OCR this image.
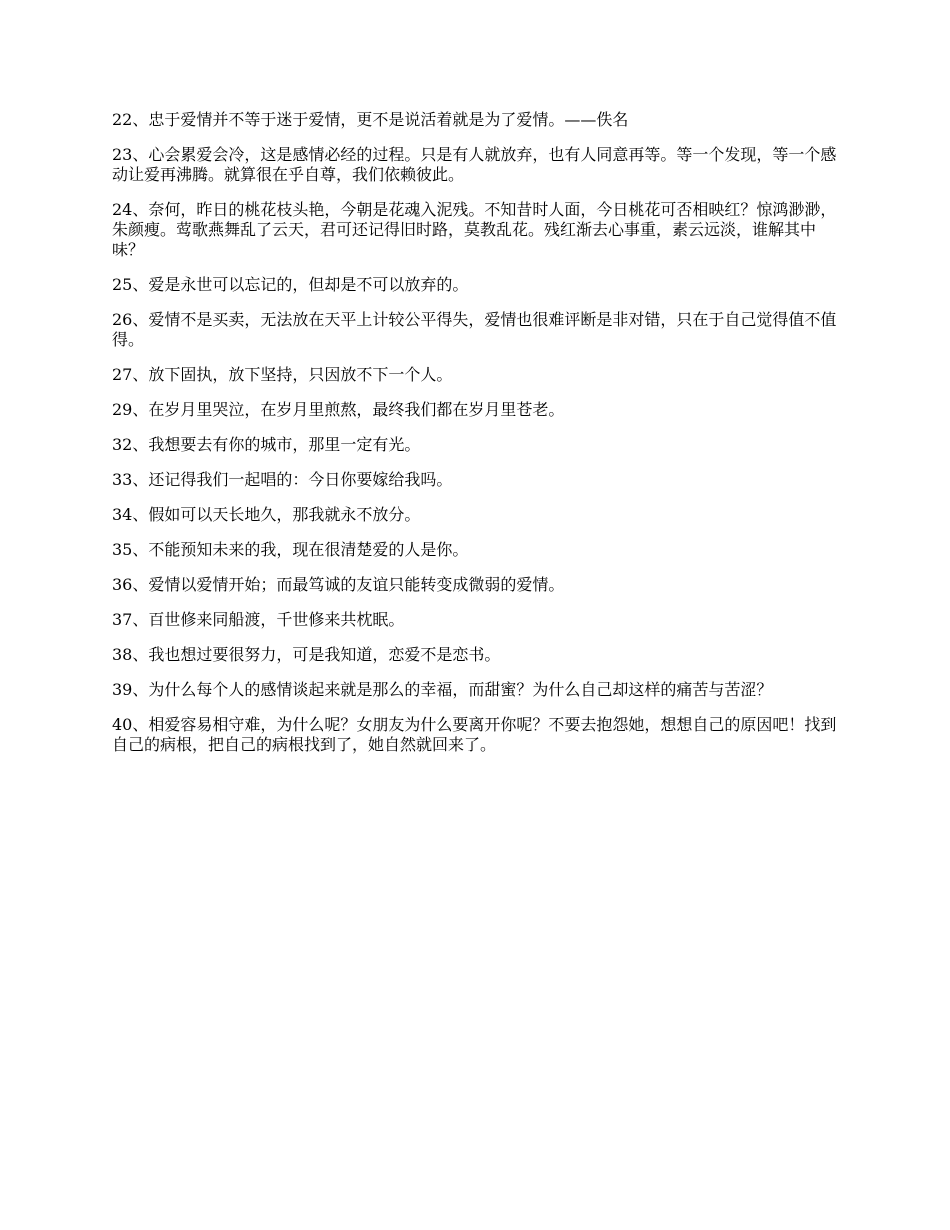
22、忠于爱情并不等于迷于爱情，更不是说活着就是为了爱情。——佚名

23、心会累爱会冷，这是感情必经的过程。只是有人就放弃，也有人同意再等。等一个发现，等一个感动让爱再沸腾。就算很在乎自尊，我们依赖彼此。

24、奈何，昨日的桃花枝头艳，今朝是花魂入泥残。不知昔时人面，今日桃花可否相映红？惊鸿渺渺，朱颜瘦。莺歌燕舞乱了云天，君可还记得旧时路，莫教乱花。残红渐去心事重，素云远淡，谁解其中味？

25、爱是永世可以忘记的，但却是不可以放弃的。

26、爱情不是买卖，无法放在天平上计较公平得失，爱情也很难评断是非对错，只在于自己觉得值不值得。

27、放下固执，放下坚持，只因放不下一个人。

29、在岁月里哭泣，在岁月里煎熬，最终我们都在岁月里苍老。

32、我想要去有你的城市，那里一定有光。

33、还记得我们一起唱的：今日你要嫁给我吗。

34、假如可以天长地久，那我就永不放分。

35、不能预知未来的我，现在很清楚爱的人是你。

36、爱情以爱情开始；而最笃诚的友谊只能转变成微弱的爱情。

37、百世修来同船渡，千世修来共枕眠。

38、我也想过要很努力，可是我知道，恋爱不是恋书。

39、为什么每个人的感情谈起来就是那么的幸福，而甜蜜？为什么自己却这样的痛苦与苦涩？

40、相爱容易相守难，为什么呢？女朋友为什么要离开你呢？不要去抱怨她，想想自己的原因吧！找到自己的病根，把自己的病根找到了，她自然就回来了。
